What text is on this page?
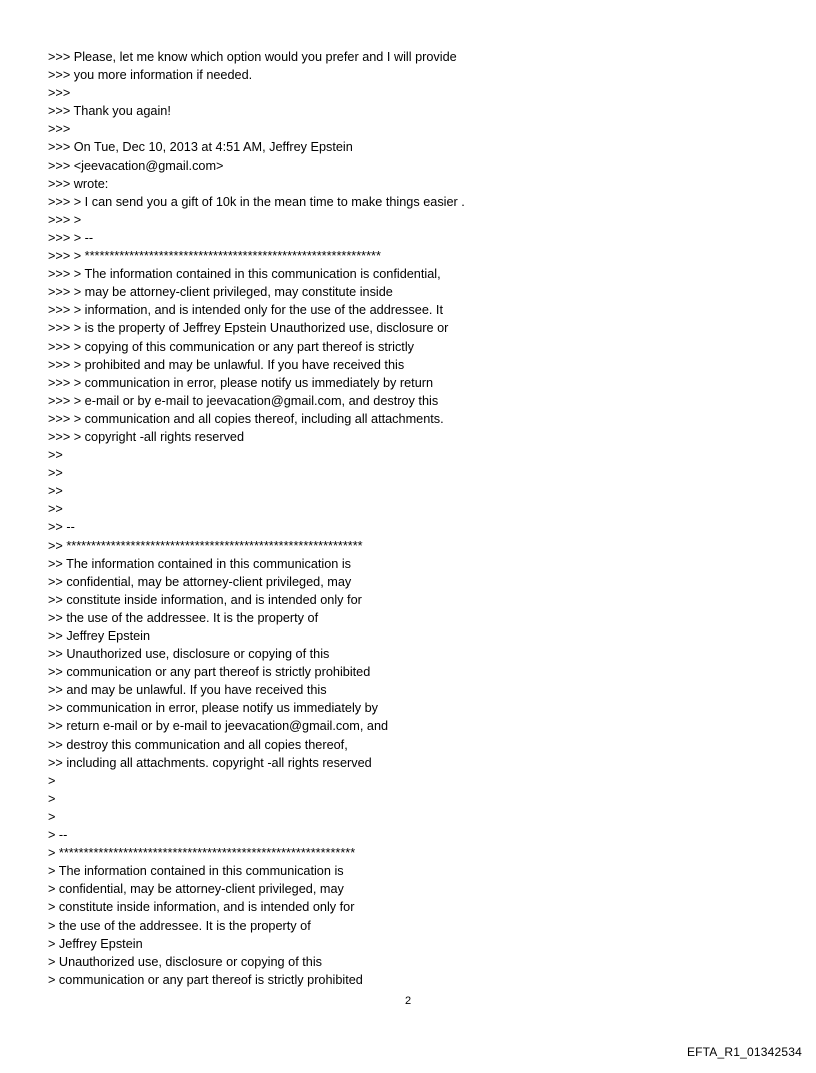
>>> Please, let me know which option would you prefer and I will provide
>>> you more information if needed.
>>>
>>> Thank you again!
>>>
>>> On Tue, Dec 10, 2013 at 4:51 AM, Jeffrey Epstein
>>> <jeevacation@gmail.com>
>>> wrote:
>>> > I can send you a gift of 10k in the mean time to make things easier .
>>> >
>>> > --
>>> > ************************************************************
>>> > The information contained in this communication is confidential,
>>> > may be attorney-client privileged, may constitute inside
>>> > information, and is intended only for the use of the addressee. It
>>> > is the property of Jeffrey Epstein Unauthorized use, disclosure or
>>> > copying of this communication or any part thereof is strictly
>>> > prohibited and may be unlawful. If you have received this
>>> > communication in error, please notify us immediately by return
>>> > e-mail or by e-mail to jeevacation@gmail.com, and destroy this
>>> > communication and all copies thereof, including all attachments.
>>> > copyright -all rights reserved
>>
>>
>>
>>
>> --
>> ************************************************************
>> The information contained in this communication is
>> confidential, may be attorney-client privileged, may
>> constitute inside information, and is intended only for
>> the use of the addressee. It is the property of
>> Jeffrey Epstein
>> Unauthorized use, disclosure or copying of this
>> communication or any part thereof is strictly prohibited
>> and may be unlawful. If you have received this
>> communication in error, please notify us immediately by
>> return e-mail or by e-mail to jeevacation@gmail.com, and
>> destroy this communication and all copies thereof,
>> including all attachments. copyright -all rights reserved
>
>
>
> --
> ************************************************************
> The information contained in this communication is
> confidential, may be attorney-client privileged, may
> constitute inside information, and is intended only for
> the use of the addressee. It is the property of
> Jeffrey Epstein
> Unauthorized use, disclosure or copying of this
> communication or any part thereof is strictly prohibited
2
EFTA_R1_01342534
